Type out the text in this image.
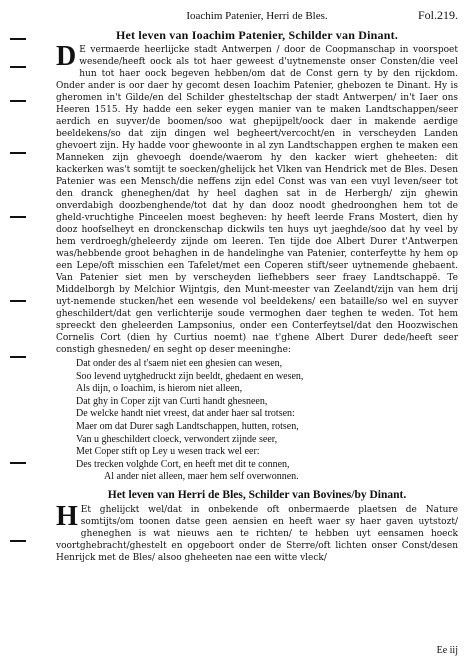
Ioachim Patenier, Herri de Bles.	Fol.219.
Het leven van Ioachim Patenier, Schilder van Dinant.
D E vermaerde heerlijcke stadt Antwerpen / door de Coopmanschap in voorspoet wesende/heeft oock als tot haer geweest d'uytnemenste onser Consten/die veel hun tot haer oock begeven hebben/om dat de Const gern ty by den rijckdom. Onder ander is oor daer hy gecomt desen Ioachim Patenier, ghebozen te Dinant. Hy is gheromen in't Gilde/en del Schilder ghesteltschap der stadt Antwerpen/ in't Iaer ons Heeren 1515. Hy hadde een seker eygen manier van te maken Landtschappen/seer aerdich en suyver/de boomen/soo wat ghepijpelt/oock daer in makende aerdige beeldekens/so dat zijn dingen wel begheert/vercocht/en in verscheyden Landen ghevoert zijn. Hy hadde voor ghewoonte in al zyn Landtschappen erghen te maken een Manneken zijn ghevoegh doende/waerom hy den kacker wiert gheheeten: dit kackerken was't somtijt te soecken/ghelijck het Vlken van Hendrick met de Bles. Desen Patenier was een Mensch/die neffens zijn edel Const was van een vuyl leven/seer tot den dranck gheneghen/dat hy heel daghen sat in de Herbergh/ zijn ghewin onverdabigh doozbenghende/tot dat hy dan dooz noodt ghedroonghen hem tot de gheld-vruchtighe Pinceelen moest begheven: hy heeft leerde Frans Mostert, dien hy dooz hoofselheyt en dronckenschap dickwils ten huys uyt jaeghde/soo dat hy veel by hem verdroegh/gheleerdy zijnde om leeren. Ten tijde doe Albert Durer t'Antwerpen was/hebbende groot behaghen in de handelinghe van Patenier, conterfeytte hy hem op een Lepe/oft misschien een Tafelet/met een Coperen stift/seer uytnemende ghebaent. Van Patenier siet men by verscheyden liefhebbers seer fraey Landtschappë. Te Middelborgh by Melchior Wijntgis, den Munt-meester van Zeelandt/zijn van hem drij uyt-nemende stucken/het een wesende vol beeldekens/ een bataille/so wel en suyver gheschildert/dat gen verlichterije soude vermoghen daer teghen te weden. Tot hem spreeckt den gheleerden Lampsonius, onder een Conterfeytsel/dat den Hoozwischen Cornelis Cort (dien hy Curtius noemt) nae t'ghene Albert Durer dede/heeft seer constigh ghesneden/ en seght op deser meeninghe:

Dat onder des al t'saem niet een ghesien can wesen,
Soo levend uytghedruckt zijn beeldt, ghedaent en wesen,
Als dijn, o Ioachim, is hierom niet alleen,
Dat ghy in Coper zijt van Curti handt ghesneen,
De welcke handt niet vreest, dat ander haer sal trotsen:
Maer om dat Durer sagh Landtschappen, hutten, rotsen,
Van u gheschildert cloeck, verwondert zijnde seer,
Met Coper stift op Ley u wesen track wel eer:
Des trecken volghde Cort, en heeft met dit te connen,
Al ander niet alleen, maer hem self overwonnen.
Het leven van Herri de Bles, Schilder van Bovines/by Dinant.
H Et ghelijckt wel/dat in onbekende oft onbermaerde plaetsen de Nature somtijts/om toonen datse geen aensien en heeft waer sy haer gaven uytstozt/ gheneghen is wat nieuws aen te richten/ te hebben uyt eensamen hoeck voortghebracht/ghestelt en opgeboort onder de Sterre/oft lichten onser Const/desen Henrijck met de Bles/ alsoo gheheeten nae een witte vleck/

Ee iij
